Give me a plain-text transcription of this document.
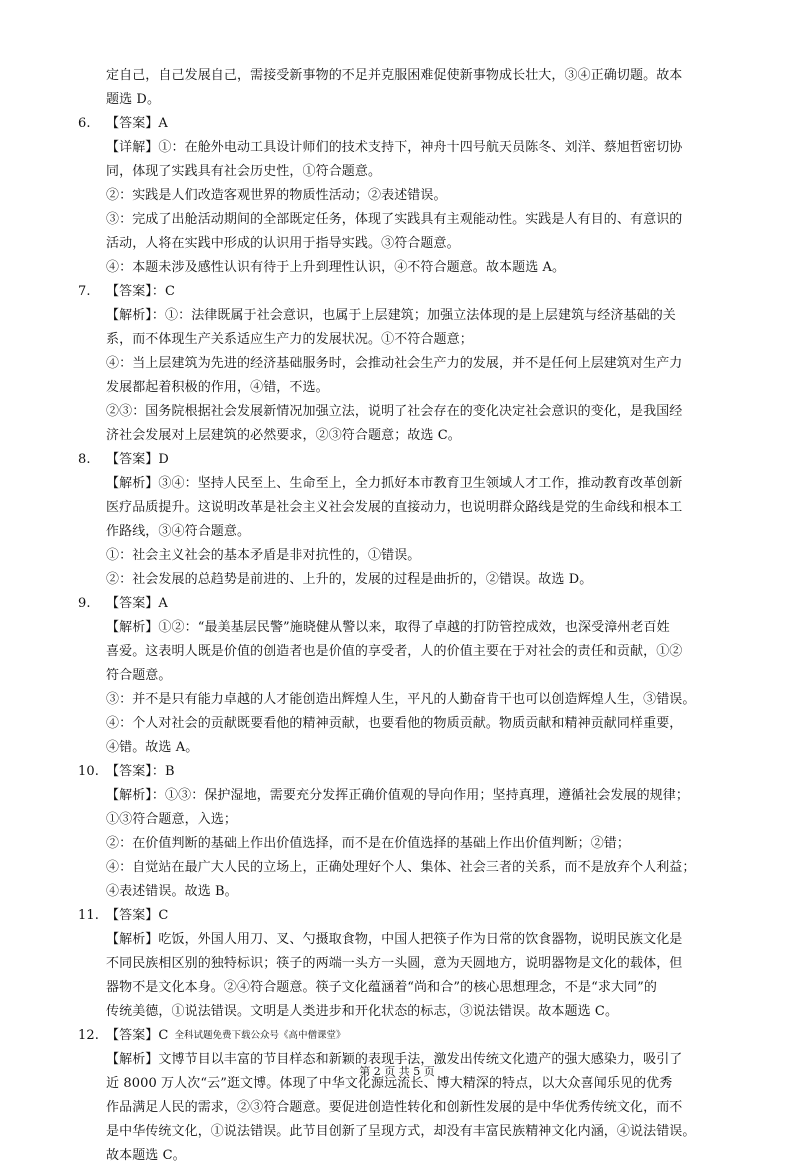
定自己，自己发展自己，需接受新事物的不足并克服困难促使新事物成长壮大，③④正确切题。故本
题选 D。
6.	【答案】A
【详解】①：在舱外电动工具设计师们的技术支持下，神舟十四号航天员陈冬、刘洋、蔡旭哲密切协
同，体现了实践具有社会历史性，①符合题意。
②：实践是人们改造客观世界的物质性活动；②表述错误。
③：完成了出舱活动期间的全部既定任务，体现了实践具有主观能动性。实践是人有目的、有意识的
活动，人将在实践中形成的认识用于指导实践。③符合题意。
④：本题未涉及感性认识有待于上升到理性认识，④不符合题意。故本题选 A。
7.	【答案】：C
【解析】：①：法律既属于社会意识，也属于上层建筑；加强立法体现的是上层建筑与经济基础的关
系，而不体现生产关系适应生产力的发展状况。①不符合题意；
④：当上层建筑为先进的经济基础服务时，会推动社会生产力的发展，并不是任何上层建筑对生产力
发展都起着积极的作用，④错，不选。
②③：国务院根据社会发展新情况加强立法，说明了社会存在的变化决定社会意识的变化，是我国经
济社会发展对上层建筑的必然要求，②③符合题意；故选 C。
8.	【答案】D
【解析】③④：坚持人民至上、生命至上，全力抓好本市教育卫生领域人才工作，推动教育改革创新
医疗品质提升。这说明改革是社会主义社会发展的直接动力，也说明群众路线是党的生命线和根本工
作路线，③④符合题意。
①：社会主义社会的基本矛盾是非对抗性的，①错误。
②：社会发展的总趋势是前进的、上升的，发展的过程是曲折的，②错误。故选 D。
9.	【答案】A
【解析】①②：“最美基层民警”施晓健从警以来，取得了卓越的打防管控成效，也深受漳州老百姓
喜爱。这表明人既是价值的创造者也是价值的享受者，人的价值主要在于对社会的责任和贡献，①②
符合题意。
③：并不是只有能力卓越的人才能创造出辉煌人生，平凡的人勤奋肯干也可以创造辉煌人生，③错误。
④：个人对社会的贡献既要看他的精神贡献，也要看他的物质贡献。物质贡献和精神贡献同样重要，
④错。故选 A。
10. 【答案】：B
【解析】：①③：保护湿地，需要充分发挥正确价值观的导向作用；坚持真理，遵循社会发展的规律；
①③符合题意，入选；
②：在价值判断的基础上作出价值选择，而不是在价值选择的基础上作出价值判断；②错；
④：自觉站在最广大人民的立场上，正确处理好个人、集体、社会三者的关系，而不是放弃个人利益；
④表述错误。故选 B。
11. 【答案】C
【解析】吃饭，外国人用刀、叉、勺摄取食物，中国人把筷子作为日常的饮食器物，说明民族文化是
不同民族相区别的独特标识；筷子的两端一头方一头圆，意为天圆地方，说明器物是文化的载体，但
器物不是文化本身。②④符合题意。筷子文化蕴涵着“尚和合”的核心思想理念，不是“求大同”的
传统美德，①说法错误。文明是人类进步和开化状态的标志，③说法错误。故本题选 C。
12. 【答案】C 全科试题免费下载公众号《高中僧课堂》
【解析】文博节目以丰富的节目样态和新颖的表现手法，激发出传统文化遗产的强大感染力，吸引了
近 8000 万人次“云”逛文博。体现了中华文化源远流长、博大精深的特点，以大众喜闻乐见的优秀
作品满足人民的需求，②③符合题意。要促进创造性转化和创新性发展的是中华优秀传统文化，而不
是中华传统文化，①说法错误。此节目创新了呈现方式，却没有丰富民族精神文化内涵，④说法错误。
故本题选 C。
第 2 页 共 5 页
